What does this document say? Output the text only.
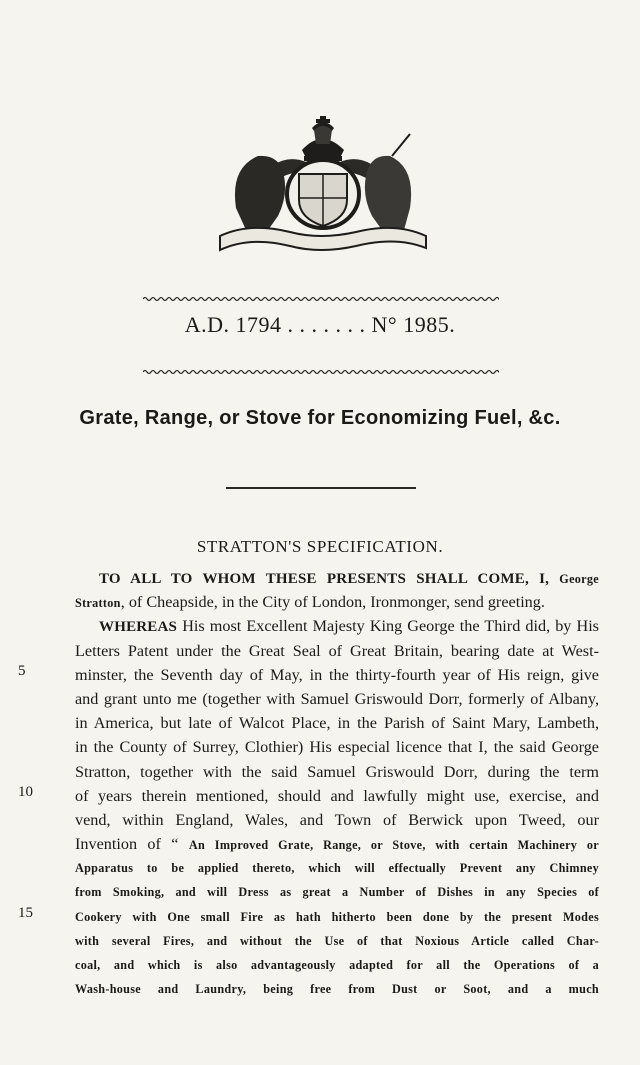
A.D. 1794 . . . . . . . N° 1985.
Grate, Range, or Stove for Economizing Fuel, &c.
STRATTON'S SPECIFICATION.
TO ALL TO WHOM THESE PRESENTS SHALL COME, I, George
Stratton, of Cheapside, in the City of London, Ironmonger, send greeting.
WHEREAS His most Excellent Majesty King George the Third did, by His
Letters Patent under the Great Seal of Great Britain, bearing date at West-
minster, the Seventh day of May, in the thirty-fourth year of His reign, give
and grant unto me (together with Samuel Griswould Dorr, formerly of Albany,
in America, but late of Walcot Place, in the Parish of Saint Mary, Lambeth,
in the County of Surrey, Clothier) His especial licence that I, the said George
Stratton, together with the said Samuel Griswould Dorr, during the term
of years therein mentioned, should and lawfully might use, exercise, and
vend, within England, Wales, and Town of Berwick upon Tweed, our
Invention of “ An Improved Grate, Range, or Stove, with certain Machinery or
Apparatus to be applied thereto, which will effectually Prevent any Chimney
from Smoking, and will Dress as great a Number of Dishes in any Species of
Cookery with One small Fire as hath hitherto been done by the present Modes
with several Fires, and without the Use of that Noxious Article called Char-
coal, and which is also advantageously adapted for all the Operations of a
Wash-house and Laundry, being free from Dust or Soot, and a much
5
10
15
